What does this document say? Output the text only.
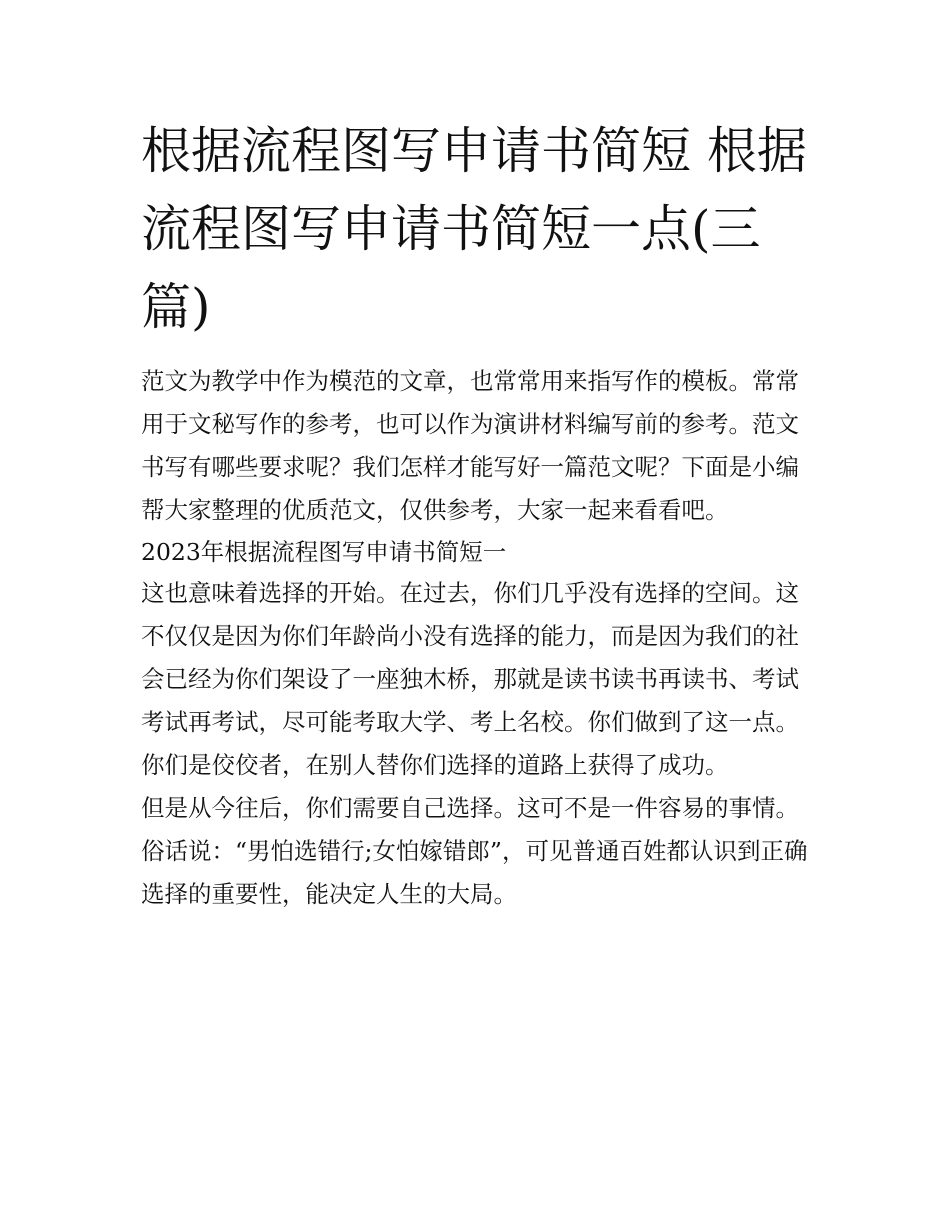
根据流程图写申请书简短 根据流程图写申请书简短一点(三篇)

范文为教学中作为模范的文章，也常常用来指写作的模板。常常用于文秘写作的参考，也可以作为演讲材料编写前的参考。范文书写有哪些要求呢？我们怎样才能写好一篇范文呢？下面是小编帮大家整理的优质范文，仅供参考，大家一起来看看吧。

2023年根据流程图写申请书简短一

这也意味着选择的开始。在过去，你们几乎没有选择的空间。这不仅仅是因为你们年龄尚小没有选择的能力，而是因为我们的社会已经为你们架设了一座独木桥，那就是读书读书再读书、考试考试再考试，尽可能考取大学、考上名校。你们做到了这一点。你们是佼佼者，在别人替你们选择的道路上获得了成功。

但是从今往后，你们需要自己选择。这可不是一件容易的事情。俗话说：“男怕选错行;女怕嫁错郎”，可见普通百姓都认识到正确选择的重要性，能决定人生的大局。
